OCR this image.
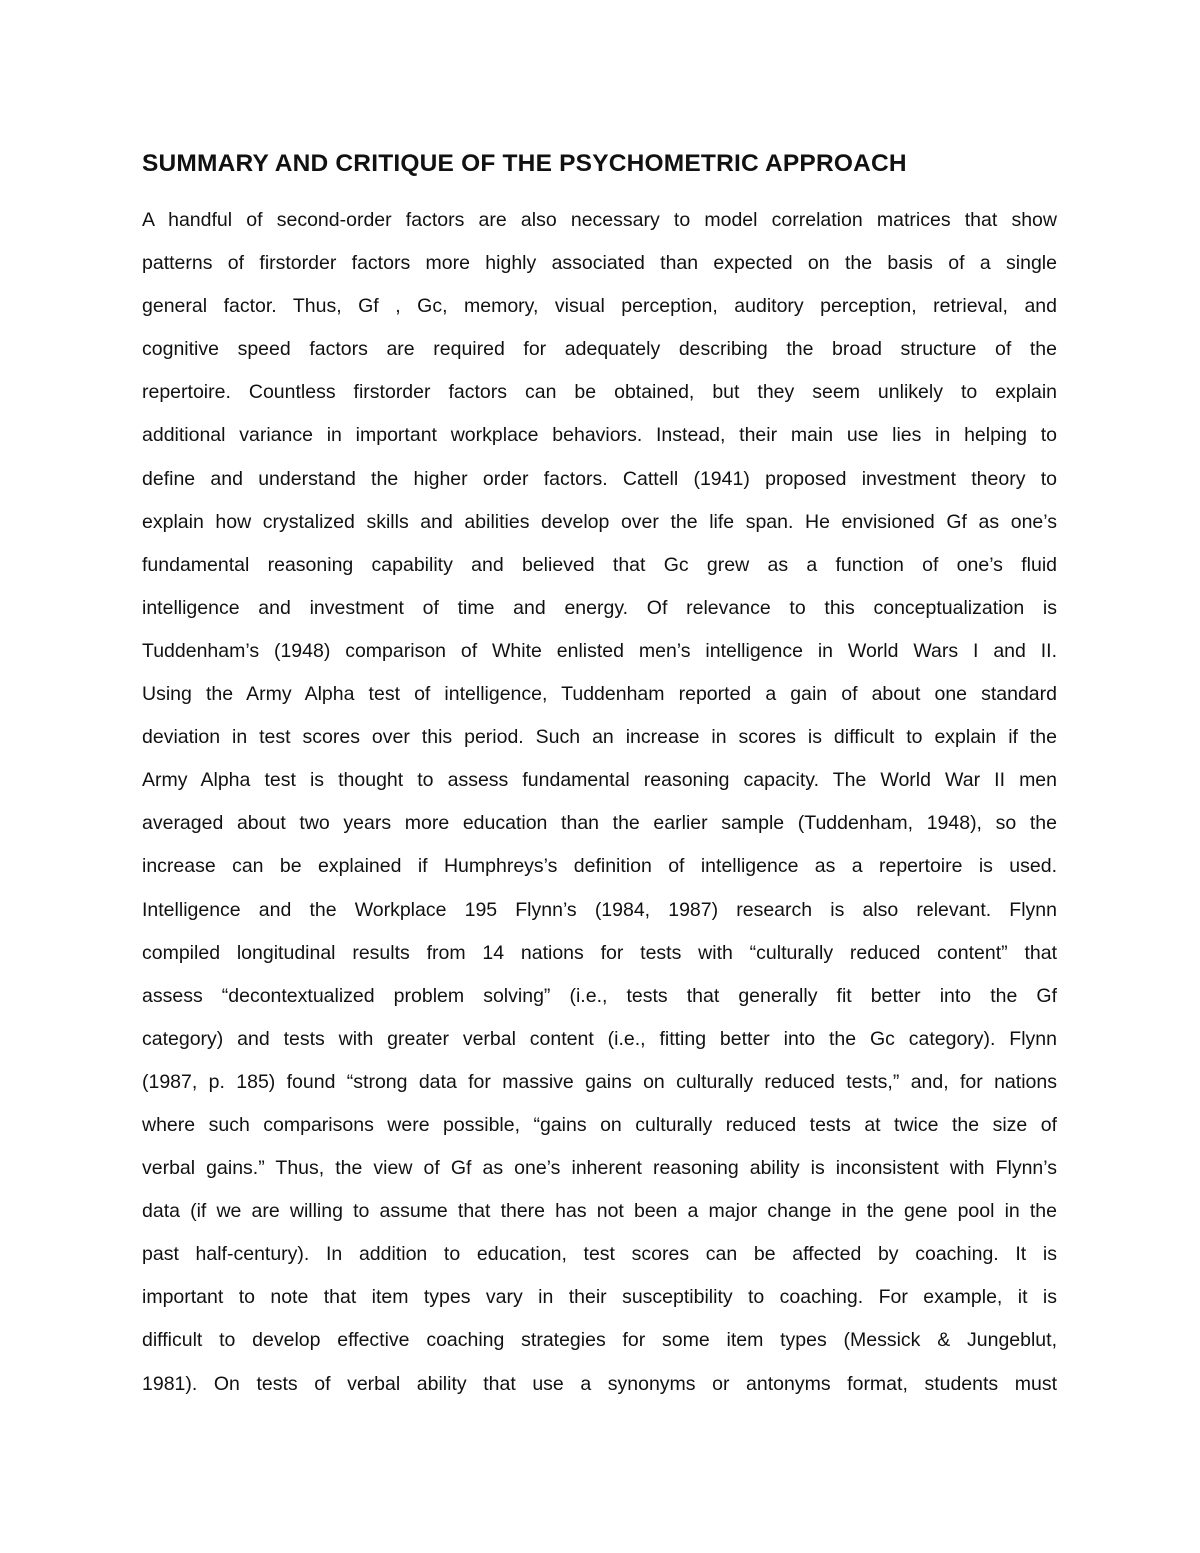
SUMMARY AND CRITIQUE OF THE PSYCHOMETRIC APPROACH
A handful of second-order factors are also necessary to model correlation matrices that show
patterns of firstorder factors more highly associated than expected on the basis of a single
general factor. Thus, Gf , Gc, memory, visual perception, auditory perception, retrieval, and
cognitive speed factors are required for adequately describing the broad structure of the
repertoire. Countless firstorder factors can be obtained, but they seem unlikely to explain
additional variance in important workplace behaviors. Instead, their main use lies in helping to
define and understand the higher order factors. Cattell (1941) proposed investment theory to
explain how crystalized skills and abilities develop over the life span. He envisioned Gf as one’s
fundamental reasoning capability and believed that Gc grew as a function of one’s fluid
intelligence and investment of time and energy. Of relevance to this conceptualization is
Tuddenham’s (1948) comparison of White enlisted men’s intelligence in World Wars I and II.
Using the Army Alpha test of intelligence, Tuddenham reported a gain of about one standard
deviation in test scores over this period. Such an increase in scores is difficult to explain if the
Army Alpha test is thought to assess fundamental reasoning capacity. The World War II men
averaged about two years more education than the earlier sample (Tuddenham, 1948), so the
increase can be explained if Humphreys’s definition of intelligence as a repertoire is used.
Intelligence and the Workplace 195 Flynn’s (1984, 1987) research is also relevant. Flynn
compiled longitudinal results from 14 nations for tests with “culturally reduced content” that
assess “decontextualized problem solving” (i.e., tests that generally fit better into the Gf
category) and tests with greater verbal content (i.e., fitting better into the Gc category). Flynn
(1987, p. 185) found “strong data for massive gains on culturally reduced tests,” and, for nations
where such comparisons were possible, “gains on culturally reduced tests at twice the size of
verbal gains.” Thus, the view of Gf as one’s inherent reasoning ability is inconsistent with Flynn’s
data (if we are willing to assume that there has not been a major change in the gene pool in the
past half-century). In addition to education, test scores can be affected by coaching. It is
important to note that item types vary in their susceptibility to coaching. For example, it is
difficult to develop effective coaching strategies for some item types (Messick & Jungeblut,
1981). On tests of verbal ability that use a synonyms or antonyms format, students must
